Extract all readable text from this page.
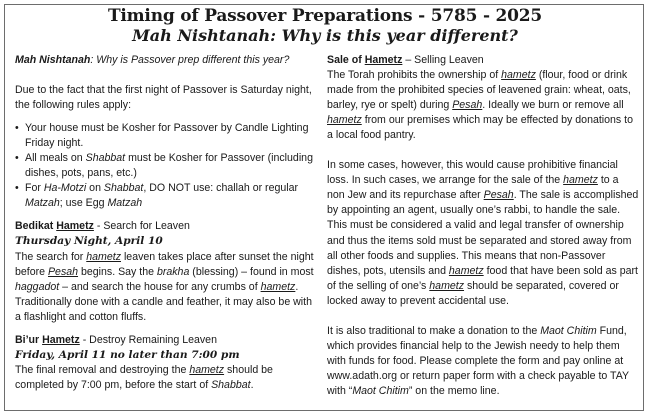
Timing of Passover Preparations - 5785 - 2025
Mah Nishtanah: Why is this year different?

Mah Nishtanah: Why is Passover prep different this year?

Due to the fact that the first night of Passover is Saturday night, the following rules apply:

• Your house must be Kosher for Passover by Candle Lighting Friday night.
• All meals on Shabbat must be Kosher for Passover (including dishes, pots, pans, etc.)
• For Ha-Motzi on Shabbat, DO NOT use: challah or regular Matzah; use Egg Matzah

Bedikat Hametz - Search for Leaven

Thursday Night, April 10

The search for hametz leaven takes place after sunset the night before Pesah begins. Say the brakha (blessing) – found in most haggadot – and search the house for any crumbs of hametz. Traditionally done with a candle and feather, it may also be with a flashlight and cotton fluffs.

Bi’ur Hametz - Destroy Remaining Leaven

Friday, April 11 no later than 7:00 pm

The final removal and destroying the hametz should be completed by 7:00 pm, before the start of Shabbat.

Sale of Hametz – Selling Leaven

The Torah prohibits the ownership of hametz (flour, food or drink made from the prohibited species of leavened grain: wheat, oats, barley, rye or spelt) during Pesah. Ideally we burn or remove all hametz from our premises which may be effected by donations to a local food pantry.

In some cases, however, this would cause prohibitive financial loss. In such cases, we arrange for the sale of the hametz to a non Jew and its repurchase after Pesah. The sale is accomplished by appointing an agent, usually one’s rabbi, to handle the sale. This must be considered a valid and legal transfer of ownership and thus the items sold must be separated and stored away from all other foods and supplies. This means that non-Passover dishes, pots, utensils and hametz food that have been sold as part of the selling of one’s hametz should be separated, covered or locked away to prevent accidental use.

It is also traditional to make a donation to the Maot Chitim Fund, which provides financial help to the Jewish needy to help them with funds for food. Please complete the form and pay online at www.adath.org or return paper form with a check payable to TAY with “Maot Chitim” on the memo line.
